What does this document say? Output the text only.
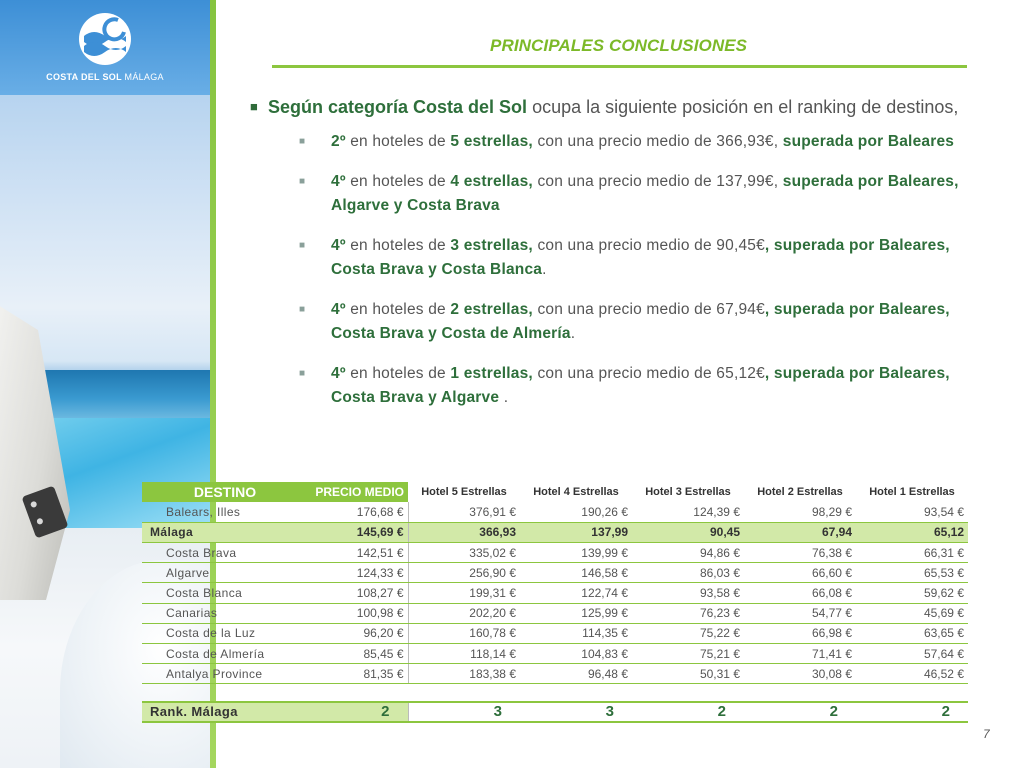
COSTA DEL SOL MÁLAGA
PRINCIPALES CONCLUSIONES
■ Según categoría Costa del Sol ocupa la siguiente posición en el ranking de destinos,
■ 2º en hoteles de 5 estrellas, con una precio medio de 366,93€, superada por Baleares
■ 4º en hoteles de 4 estrellas, con una precio medio de 137,99€, superada por Baleares, Algarve y Costa Brava
■ 4º en hoteles de 3 estrellas, con una precio medio de 90,45€, superada por Baleares, Costa Brava y Costa Blanca.
■ 4º en hoteles de 2 estrellas, con una precio medio de 67,94€, superada por Baleares, Costa Brava y Costa de Almería.
■ 4º en hoteles de 1 estrellas, con una precio medio de 65,12€, superada por Baleares, Costa Brava y Algarve .
DESTINO	PRECIO MEDIO	Hotel 5 Estrellas	Hotel 4 Estrellas	Hotel 3 Estrellas	Hotel 2 Estrellas	Hotel 1 Estrellas
Balears, Illes	176,68 €	376,91 €	190,26 €	124,39 €	98,29 €	93,54 €
Málaga	145,69 €	366,93	137,99	90,45	67,94	65,12
Costa Brava	142,51 €	335,02 €	139,99 €	94,86 €	76,38 €	66,31 €
Algarve	124,33 €	256,90 €	146,58 €	86,03 €	66,60 €	65,53 €
Costa Blanca	108,27 €	199,31 €	122,74 €	93,58 €	66,08 €	59,62 €
Canarias	100,98 €	202,20 €	125,99 €	76,23 €	54,77 €	45,69 €
Costa de la Luz	96,20 €	160,78 €	114,35 €	75,22 €	66,98 €	63,65 €
Costa de Almería	85,45 €	118,14 €	104,83 €	75,21 €	71,41 €	57,64 €
Antalya Province	81,35 €	183,38 €	96,48 €	50,31 €	30,08 €	46,52 €

Rank. Málaga	2	3	3	2	2	2
7
